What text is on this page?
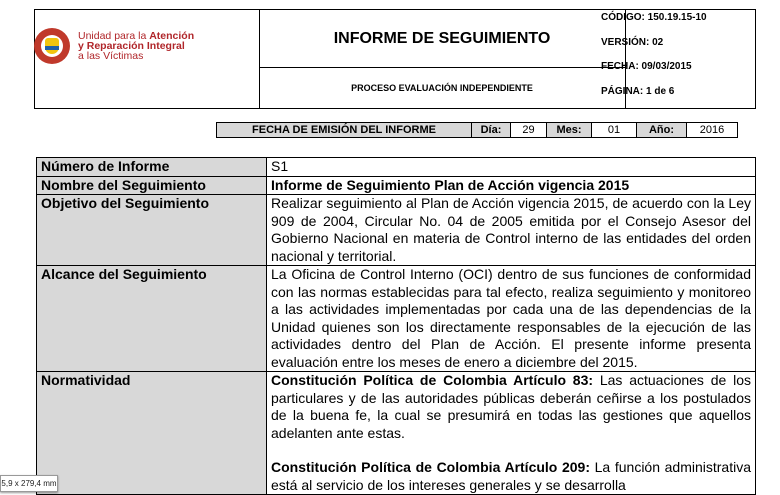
INFORME DE SEGUIMIENTO
PROCESO EVALUACIÓN INDEPENDIENTE
CÓDIGO: 150.19.15-10
VERSIÓN: 02
FECHA: 09/03/2015
PÁGINA: 1 de 6
Unidad para la Atención
y Reparación Integral
a las Víctimas
FECHA DE EMISIÓN DEL INFORME	Día:	29	Mes:	01	Año:	2016
Número de Informe	S1
Nombre del Seguimiento	Informe de Seguimiento Plan de Acción vigencia 2015
Objetivo del Seguimiento	Realizar seguimiento al Plan de Acción vigencia 2015, de acuerdo con la Ley 909 de 2004, Circular No. 04 de 2005 emitida por el Consejo Asesor del Gobierno Nacional en materia de Control interno de las entidades del orden nacional y territorial.
Alcance del Seguimiento	La Oficina de Control Interno (OCI) dentro de sus funciones de conformidad con las normas establecidas para tal efecto, realiza seguimiento y monitoreo a las actividades implementadas por cada una de las dependencias de la Unidad quienes son los directamente responsables de la ejecución de las actividades dentro del Plan de Acción. El presente informe presenta evaluación entre los meses de enero a diciembre del 2015.
Normatividad	Constitución Política de Colombia Artículo 83: Las actuaciones de los particulares y de las autoridades públicas deberán ceñirse a los postulados de la buena fe, la cual se presumirá en todas las gestiones que aquellos adelanten ante estas.
Constitución Política de Colombia Artículo 209: La función administrativa está al servicio de los intereses generales y se desarrolla
5,9 x 279,4 mm
